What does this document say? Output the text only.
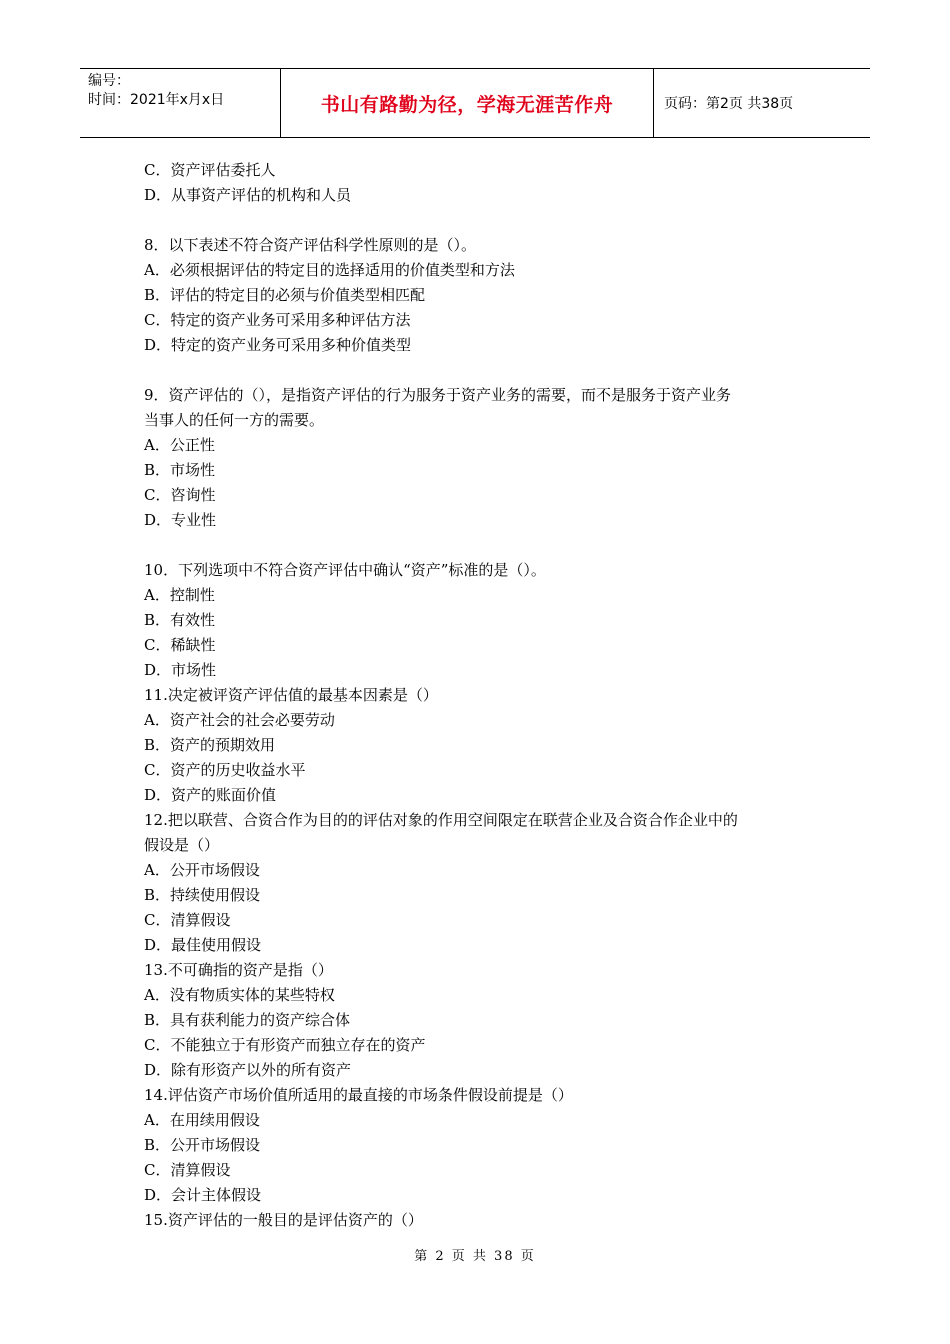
编号：
时间：2021年x月x日	书山有路勤为径，学海无涯苦作舟	页码：第2页 共38页
C．资产评估委托人
D．从事资产评估的机构和人员
8．以下表述不符合资产评估科学性原则的是（）。
A．必须根据评估的特定目的选择适用的价值类型和方法
B．评估的特定目的必须与价值类型相匹配
C．特定的资产业务可采用多种评估方法
D．特定的资产业务可采用多种价值类型
9．资产评估的（），是指资产评估的行为服务于资产业务的需要，而不是服务于资产业务
当事人的任何一方的需要。
A．公正性
B．市场性
C．咨询性
D．专业性
10．下列选项中不符合资产评估中确认“资产”标准的是（）。
A．控制性
B．有效性
C．稀缺性
D．市场性
11.决定被评资产评估值的最基本因素是（）
A．资产社会的社会必要劳动
B．资产的预期效用
C．资产的历史收益水平
D．资产的账面价值
12.把以联营、合资合作为目的的评估对象的作用空间限定在联营企业及合资合作企业中的
假设是（）
A．公开市场假设
B．持续使用假设
C．清算假设
D．最佳使用假设
13.不可确指的资产是指（）
A．没有物质实体的某些特权
B．具有获利能力的资产综合体
C．不能独立于有形资产而独立存在的资产
D．除有形资产以外的所有资产
14.评估资产市场价值所适用的最直接的市场条件假设前提是（）
A．在用续用假设
B．公开市场假设
C．清算假设
D．会计主体假设
15.资产评估的一般目的是评估资产的（）
第 2 页 共 38 页
